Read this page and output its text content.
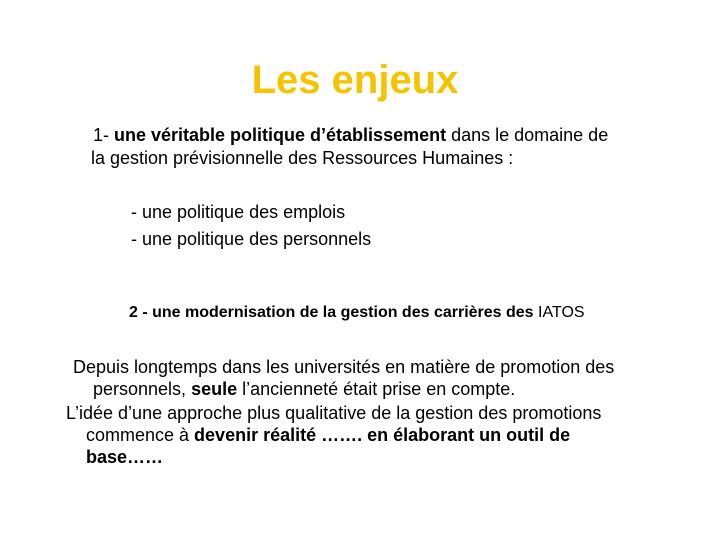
Les enjeux
1- une véritable politique d’établissement dans le domaine de
la gestion prévisionnelle des Ressources Humaines :
- une politique des emplois
- une politique des personnels
2 - une modernisation de la gestion des carrières des IATOS
Depuis longtemps dans les universités en matière de promotion des
personnels, seule l’ancienneté était prise en compte.
L’idée d’une approche plus qualitative de la gestion des promotions
commence à devenir réalité ……. en élaborant un outil de
base……
